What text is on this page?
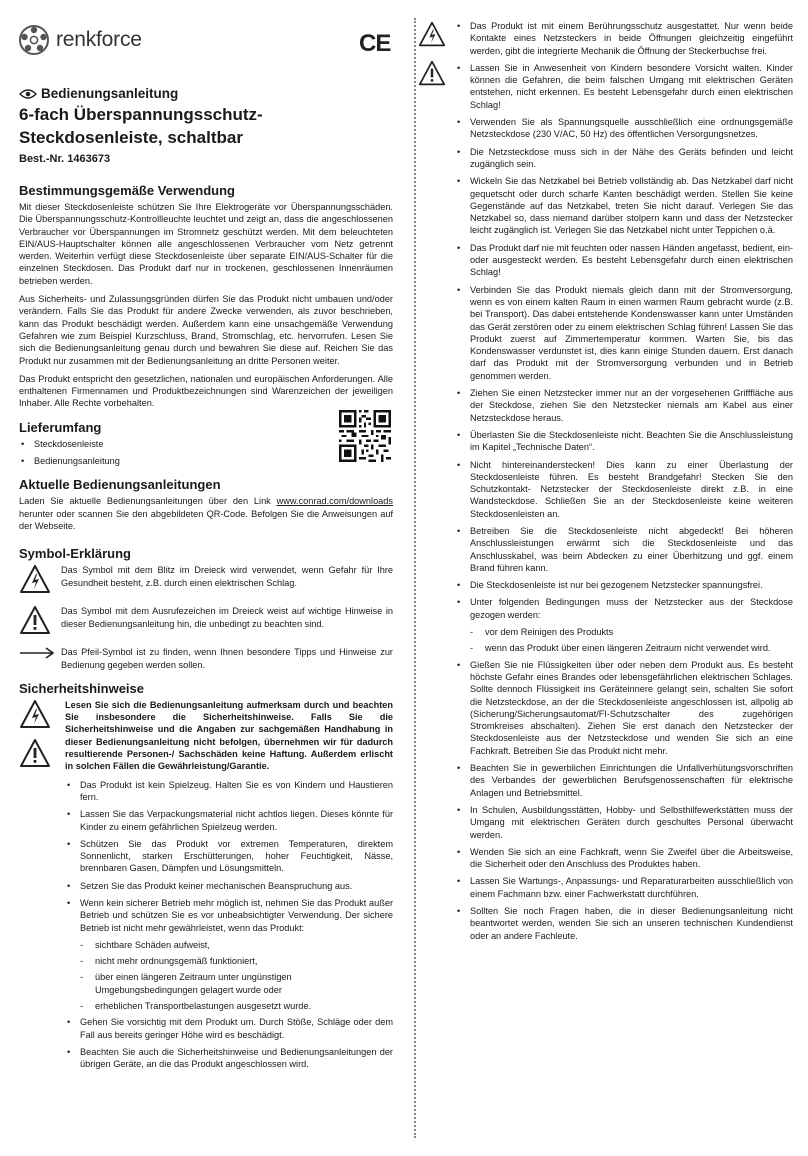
renkforce	CE
Bedienungsanleitung
6-fach Überspannungsschutz-Steckdosenleiste, schaltbar
Best.-Nr. 1463673
Bestimmungsgemäße Verwendung

Mit dieser Steckdosenleiste schützen Sie Ihre Elektrogeräte vor Überspannungsschäden. Die Überspannungsschutz-Kontrollleuchte leuchtet und zeigt an, dass die angeschlossenen Verbraucher vor Überspannungen im Stromnetz geschützt werden. Mit dem beleuchteten EIN/AUS-Hauptschalter können alle angeschlossenen Verbraucher vom Netz getrennt werden. Weiterhin verfügt diese Steckdosenleiste über separate EIN/AUS-Schalter für die einzelnen Steckdosen. Das Produkt darf nur in trockenen, geschlossenen Innenräumen betrieben werden.

Aus Sicherheits- und Zulassungsgründen dürfen Sie das Produkt nicht umbauen und/oder verändern. Falls Sie das Produkt für andere Zwecke verwenden, als zuvor beschrieben, kann das Produkt beschädigt werden. Außerdem kann eine unsachgemäße Verwendung Gefahren wie zum Beispiel Kurzschluss, Brand, Stromschlag, etc. hervorrufen. Lesen Sie sich die Bedienungsanleitung genau durch und bewahren Sie diese auf. Reichen Sie das Produkt nur zusammen mit der Bedienungsanleitung an dritte Personen weiter.

Das Produkt entspricht den gesetzlichen, nationalen und europäischen Anforderungen. Alle enthaltenen Firmennamen und Produktbezeichnungen sind Warenzeichen der jeweiligen Inhaber. Alle Rechte vorbehalten.

Lieferumfang
• Steckdosenleiste
• Bedienungsanleitung
Aktuelle Bedienungsanleitungen

Laden Sie aktuelle Bedienungsanleitungen über den Link www.conrad.com/downloads herunter oder scannen Sie den abgebildeten QR-Code. Befolgen Sie die Anweisungen auf der Webseite.

Symbol-Erklärung

Das Symbol mit dem Blitz im Dreieck wird verwendet, wenn Gefahr für Ihre Gesundheit besteht, z.B. durch einen elektrischen Schlag.

Das Symbol mit dem Ausrufezeichen im Dreieck weist auf wichtige Hinweise in dieser Bedienungsanleitung hin, die unbedingt zu beachten sind.

Das Pfeil-Symbol ist zu finden, wenn Ihnen besondere Tipps und Hinweise zur Bedienung gegeben werden sollen.

Sicherheitshinweise

Lesen Sie sich die Bedienungsanleitung aufmerksam durch und beachten Sie insbesondere die Sicherheitshinweise. Falls Sie die Sicherheitshinweise und die Angaben zur sachgemäßen Handhabung in dieser Bedienungsanleitung nicht befolgen, übernehmen wir für dadurch resultierende Personen-/ Sachschäden keine Haftung. Außerdem erlischt in solchen Fällen die Gewährleistung/Garantie.

• Das Produkt ist kein Spielzeug. Halten Sie es von Kindern und Haustieren fern.
• Lassen Sie das Verpackungsmaterial nicht achtlos liegen. Dieses könnte für Kinder zu einem gefährlichen Spielzeug werden.
• Schützen Sie das Produkt vor extremen Temperaturen, direktem Sonnenlicht, starken Erschütterungen, hoher Feuchtigkeit, Nässe, brennbaren Gasen, Dämpfen und Lösungsmitteln.
• Setzen Sie das Produkt keiner mechanischen Beanspruchung aus.
• Wenn kein sicherer Betrieb mehr möglich ist, nehmen Sie das Produkt außer Betrieb und schützen Sie es vor unbeabsichtigter Verwendung. Der sichere Betrieb ist nicht mehr gewährleistet, wenn das Produkt:
- sichtbare Schäden aufweist,
- nicht mehr ordnungsgemäß funktioniert,
- über einen längeren Zeitraum unter ungünstigen Umgebungsbedingungen gelagert wurde oder
- erheblichen Transportbelastungen ausgesetzt wurde.
• Gehen Sie vorsichtig mit dem Produkt um. Durch Stöße, Schläge oder dem Fall aus bereits geringer Höhe wird es beschädigt.
• Beachten Sie auch die Sicherheitshinweise und Bedienungsanleitungen der übrigen Geräte, an die das Produkt angeschlossen wird.

• Das Produkt ist mit einem Berührungsschutz ausgestattet. Nur wenn beide Kontakte eines Netzsteckers in beide Öffnungen gleichzeitig eingeführt werden, gibt die integrierte Mechanik die Öffnung der Steckerbuchse frei.
• Lassen Sie in Anwesenheit von Kindern besondere Vorsicht walten. Kinder können die Gefahren, die beim falschen Umgang mit elektrischen Geräten entstehen, nicht erkennen. Es besteht Lebensgefahr durch einen elektrischen Schlag!
• Verwenden Sie als Spannungsquelle ausschließlich eine ordnungsgemäße Netzsteckdose (230 V/AC, 50 Hz) des öffentlichen Versorgungsnetzes.
• Die Netzsteckdose muss sich in der Nähe des Geräts befinden und leicht zugänglich sein.
• Wickeln Sie das Netzkabel bei Betrieb vollständig ab. Das Netzkabel darf nicht gequetscht oder durch scharfe Kanten beschädigt werden. Stellen Sie keine Gegenstände auf das Netzkabel, treten Sie nicht darauf. Verlegen Sie das Netzkabel so, dass niemand darüber stolpern kann und dass der Netzstecker leicht zugänglich ist. Verlegen Sie das Netzkabel nicht unter Teppichen o.ä.
• Das Produkt darf nie mit feuchten oder nassen Händen angefasst, bedient, ein- oder ausgesteckt werden. Es besteht Lebensgefahr durch einen elektrischen Schlag!
• Verbinden Sie das Produkt niemals gleich dann mit der Stromversorgung, wenn es von einem kalten Raum in einen warmen Raum gebracht wurde (z.B. bei Transport). Das dabei entstehende Kondenswasser kann unter Umständen das Gerät zerstören oder zu einem elektrischen Schlag führen! Lassen Sie das Produkt zuerst auf Zimmertemperatur kommen. Warten Sie, bis das Kondenswasser verdunstet ist, dies kann einige Stunden dauern. Erst danach darf das Produkt mit der Stromversorgung verbunden und in Betrieb genommen werden.
• Ziehen Sie einen Netzstecker immer nur an der vorgesehenen Grifffläche aus der Steckdose, ziehen Sie den Netzstecker niemals am Kabel aus einer Netzsteckdose heraus.
• Überlasten Sie die Steckdosenleiste nicht. Beachten Sie die Anschlussleistung im Kapitel „Technische Daten“.
• Nicht hintereinanderstecken! Dies kann zu einer Überlastung der Steckdosenleiste führen. Es besteht Brandgefahr! Stecken Sie den Schutzkontakt- Netzstecker der Steckdosenleiste direkt z.B. in eine Wandsteckdose. Schließen Sie an der Steckdosenleiste keine weiteren Steckdosenleisten an.
• Betreiben Sie die Steckdosenleiste nicht abgedeckt! Bei höheren Anschlussleistungen erwärmt sich die Steckdosenleiste und das Anschlusskabel, was beim Abdecken zu einer Überhitzung und ggf. einem Brand führen kann.
• Die Steckdosenleiste ist nur bei gezogenem Netzstecker spannungsfrei.
• Unter folgenden Bedingungen muss der Netzstecker aus der Steckdose gezogen werden:
- vor dem Reinigen des Produkts
- wenn das Produkt über einen längeren Zeitraum nicht verwendet wird.
• Gießen Sie nie Flüssigkeiten über oder neben dem Produkt aus. Es besteht höchste Gefahr eines Brandes oder lebensgefährlichen elektrischen Schlages. Sollte dennoch Flüssigkeit ins Geräteinnere gelangt sein, schalten Sie sofort die Netzsteckdose, an der die Steckdosenleiste angeschlossen ist, allpolig ab (Sicherung/Sicherungsautomat/FI-Schutzschalter des zugehörigen Stromkreises abschalten). Ziehen Sie erst danach den Netzstecker der Steckdosenleiste aus der Netzsteckdose und wenden Sie sich an eine Fachkraft. Betreiben Sie das Produkt nicht mehr.
• Beachten Sie in gewerblichen Einrichtungen die Unfallverhütungsvorschriften des Verbandes der gewerblichen Berufsgenossenschaften für elektrische Anlagen und Betriebsmittel.
• In Schulen, Ausbildungsstätten, Hobby- und Selbsthilfewerkstätten muss der Umgang mit elektrischen Geräten durch geschultes Personal überwacht werden.
• Wenden Sie sich an eine Fachkraft, wenn Sie Zweifel über die Arbeitsweise, die Sicherheit oder den Anschluss des Produktes haben.
• Lassen Sie Wartungs-, Anpassungs- und Reparaturarbeiten ausschließlich von einem Fachmann bzw. einer Fachwerkstatt durchführen.
• Sollten Sie noch Fragen haben, die in dieser Bedienungsanleitung nicht beantwortet werden, wenden Sie sich an unseren technischen Kundendienst oder an andere Fachleute.
